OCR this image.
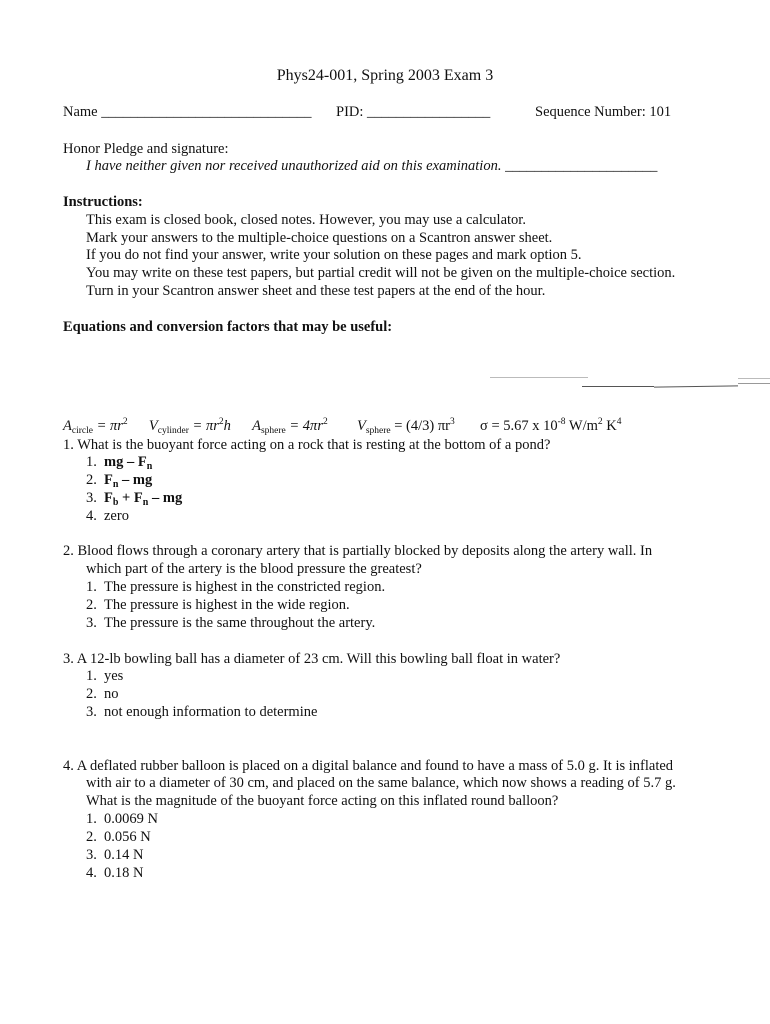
Phys24-001, Spring 2003 Exam 3
Name _____________________________ PID: _________________	Sequence Number: 101
Honor Pledge and signature:
I have neither given nor received unauthorized aid on this examination. _____________________
Instructions:
This exam is closed book, closed notes. However, you may use a calculator.
Mark your answers to the multiple-choice questions on a Scantron answer sheet.
If you do not find your answer, write your solution on these pages and mark option 5.
You may write on these test papers, but partial credit will not be given on the multiple-choice section.
Turn in your Scantron answer sheet and these test papers at the end of the hour.
Equations and conversion factors that may be useful:
$A_{circle} = \pi r^2$ $V_{cylinder} = \pi r^2h$ $A_{sphere} = 4\pi r^2$ $V_{sphere} = (4/3)$ $\pi r^3$ σ = 5.67 x $10^{-8}$ $W/m^2$ $K^4$
1. What is the buoyant force acting on a rock that is resting at the bottom of a pond?
1. mg – $F_n$
2. $F_n$ – mg
3. $F_b + F_n$ – mg
4. zero
2. Blood flows through a coronary artery that is partially blocked by deposits along the artery wall. In
which part of the artery is the blood pressure the greatest?
1. The pressure is highest in the constricted region.
2. The pressure is highest in the wide region.
3. The pressure is the same throughout the artery.
3. A 12-lb bowling ball has a diameter of 23 cm. Will this bowling ball float in water?
1. yes
2. no
3. not enough information to determine
4. A deflated rubber balloon is placed on a digital balance and found to have a mass of 5.0 g. It is inflated
with air to a diameter of 30 cm, and placed on the same balance, which now shows a reading of 5.7 g.
What is the magnitude of the buoyant force acting on this inflated round balloon?
1. 0.0069 N
2. 0.056 N
3. 0.14 N
4. 0.18 N
